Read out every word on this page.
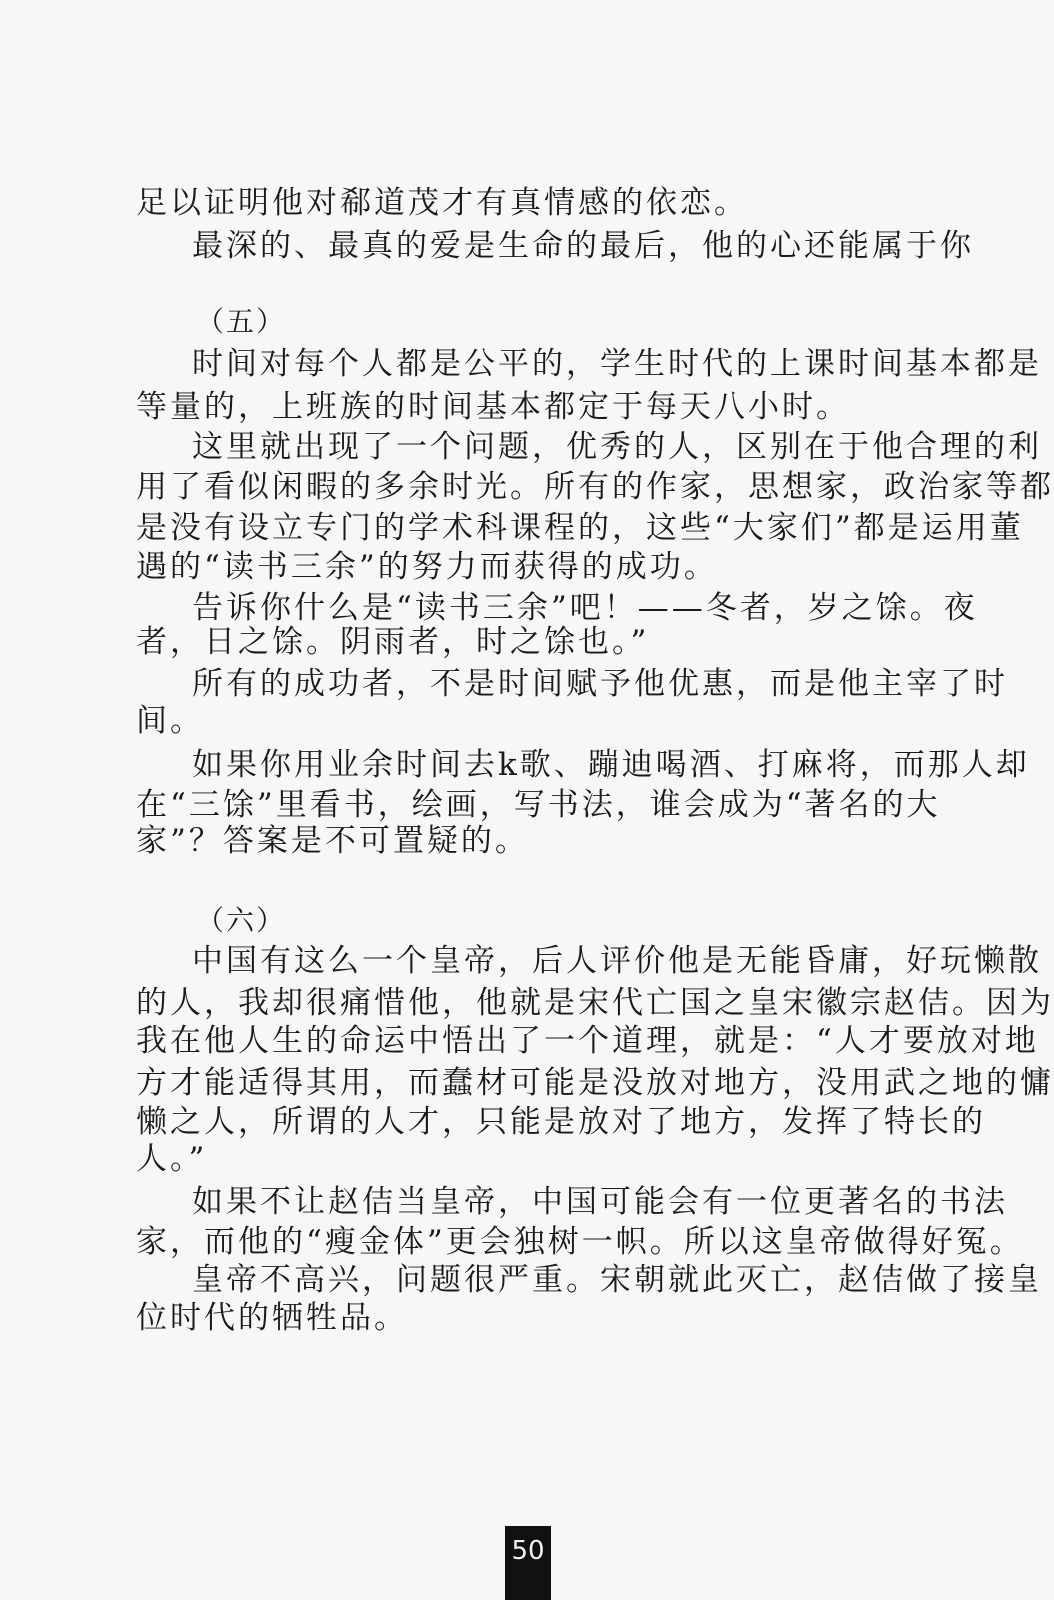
足以证明他对郗道茂才有真情感的依恋。
最深的、最真的爱是生命的最后，他的心还能属于你
（五）
时间对每个人都是公平的，学生时代的上课时间基本都是
等量的，上班族的时间基本都定于每天八小时。
这里就出现了一个问题，优秀的人，区别在于他合理的利
用了看似闲暇的多余时光。所有的作家，思想家，政治家等都
是没有设立专门的学术科课程的，这些“大家们”都是运用董
遇的“读书三余”的努力而获得的成功。
告诉你什么是“读书三余”吧！——冬者，岁之馀。夜
者，日之馀。阴雨者，时之馀也。”
所有的成功者，不是时间赋予他优惠，而是他主宰了时
间。
如果你用业余时间去k歌、蹦迪喝酒、打麻将，而那人却
在“三馀”里看书，绘画，写书法，谁会成为“著名的大
家”？答案是不可置疑的。
（六）
中国有这么一个皇帝，后人评价他是无能昏庸，好玩懒散
的人，我却很痛惜他，他就是宋代亡国之皇宋徽宗赵佶。因为
我在他人生的命运中悟出了一个道理，就是：“人才要放对地
方才能适得其用，而蠢材可能是没放对地方，没用武之地的慵
懒之人，所谓的人才，只能是放对了地方，发挥了特长的
人。”
如果不让赵佶当皇帝，中国可能会有一位更著名的书法
家，而他的“瘦金体”更会独树一帜。所以这皇帝做得好冤。
皇帝不高兴，问题很严重。宋朝就此灭亡，赵佶做了接皇
位时代的牺牲品。
50
